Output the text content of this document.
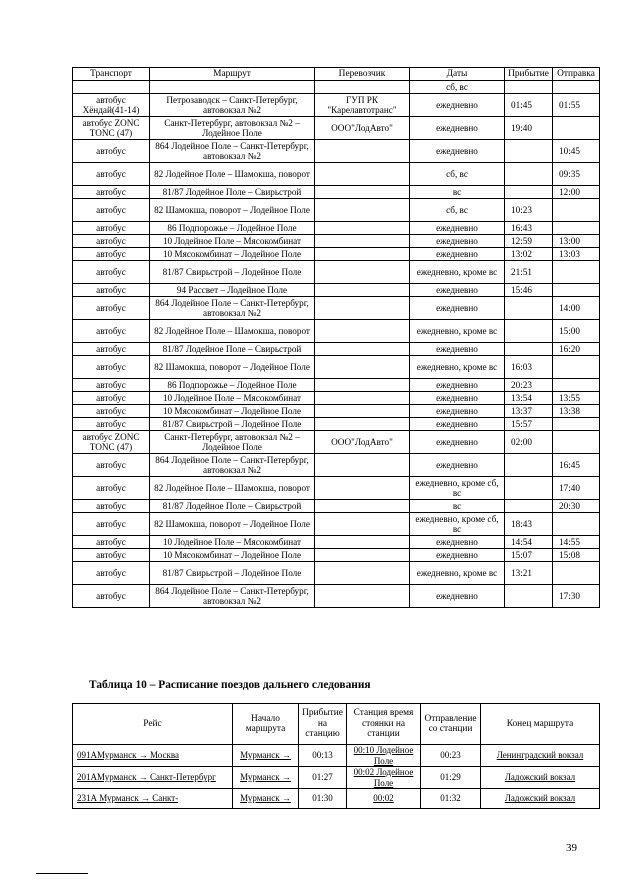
Транспорт	Маршрут	Перевозчик	Даты	Прибытие	Отправка
			сб, вс		
автобус Хёндай(41-14)	Петрозаводск – Санкт-Петербург, автовокзал №2	ГУП РК "Карелавтотранс"	ежедневно	01:45	01:55
автобус ZONC TONC (47)	Санкт-Петербург, автовокзал №2 – Лодейное Поле	ООО"ЛодАвто"	ежедневно	19:40	
автобус	864 Лодейное Поле – Санкт-Петербург, автовокзал №2		ежедневно		10:45
автобус	82 Лодейное Поле – Шамокша, поворот		сб, вс		09:35
автобус	81/87 Лодейное Поле – Свирьстрой		вс		12:00
автобус	82 Шамокша, поворот – Лодейное Поле		сб, вс	10:23	
автобус	86 Подпорожье – Лодейное Поле		ежедневно	16:43	
автобус	10 Лодейное Поле – Мясокомбинат		ежедневно	12:59	13:00
автобус	10 Мясокомбинат – Лодейное Поле		ежедневно	13:02	13:03
автобус	81/87 Свирьстрой – Лодейное Поле		ежедневно, кроме вс	21:51	
автобус	94 Рассвет – Лодейное Поле		ежедневно	15:46	
автобус	864 Лодейное Поле – Санкт-Петербург, автовокзал №2		ежедневно		14:00
автобус	82 Лодейное Поле – Шамокша, поворот		ежедневно, кроме вс		15:00
автобус	81/87 Лодейное Поле – Свирьстрой		ежедневно		16:20
автобус	82 Шамокша, поворот – Лодейное Поле		ежедневно, кроме вс	16:03	
автобус	86 Подпорожье – Лодейное Поле		ежедневно	20:23	
автобус	10 Лодейное Поле – Мясокомбинат		ежедневно	13:54	13:55
автобус	10 Мясокомбинат – Лодейное Поле		ежедневно	13:37	13:38
автобус	81/87 Свирьстрой – Лодейное Поле		ежедневно	15:57	
автобус ZONC TONC (47)	Санкт-Петербург, автовокзал №2 – Лодейное Поле	ООО"ЛодАвто"	ежедневно	02:00	
автобус	864 Лодейное Поле – Санкт-Петербург, автовокзал №2		ежедневно		16:45
автобус	82 Лодейное Поле – Шамокша, поворот		ежедневно, кроме сб, вс		17:40
автобус	81/87 Лодейное Поле – Свирьстрой		вс		20:30
автобус	82 Шамокша, поворот – Лодейное Поле		ежедневно, кроме сб, вс	18:43	
автобус	10 Лодейное Поле – Мясокомбинат		ежедневно	14:54	14:55
автобус	10 Мясокомбинат – Лодейное Поле		ежедневно	15:07	15:08
автобус	81/87 Свирьстрой – Лодейное Поле		ежедневно, кроме вс	13:21	
автобус	864 Лодейное Поле – Санкт-Петербург, автовокзал №2		ежедневно		17:30
Таблица 10 – Расписание поездов дальнего следования
Рейс	Начало маршрута	Прибытие на станцию	Станция время стоянки на станции	Отправление со станции	Конец маршрута
091АМурманск → Москва	Мурманск →	00:13	00:10 Лодейное Поле	00:23	Ленинградский вокзал
201АМурманск → Санкт-Петербург	Мурманск →	01:27	00:02 Лодейное Поле	01:29	Ладожский вокзал
231А Мурманск → Санкт-	Мурманск →	01:30	00:02	01:32	Ладожский вокзал
39
